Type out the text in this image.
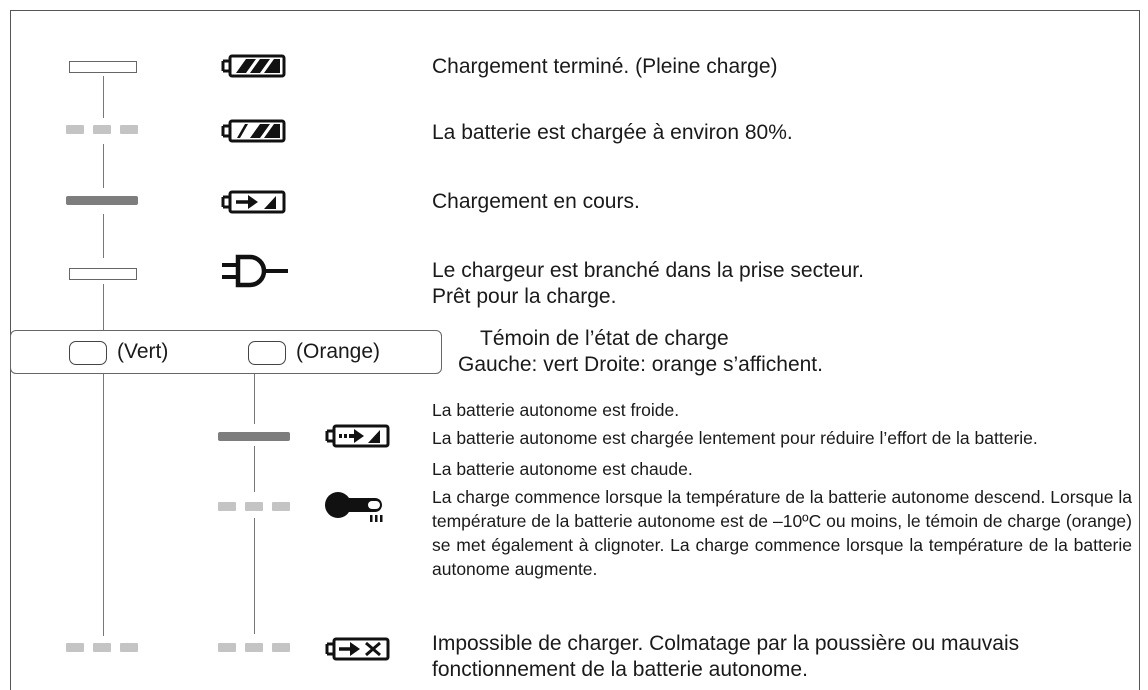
Chargement terminé. (Pleine charge)
La batterie est chargée à environ 80%.
Chargement en cours.
Le chargeur est branché dans la prise secteur.
Prêt pour la charge.
(Vert)	(Orange)
Témoin de l’état de charge
Gauche: vert Droite: orange s’affichent.
La batterie autonome est froide.
La batterie autonome est chargée lentement pour réduire l’effort de la batterie.
La batterie autonome est chaude.
La charge commence lorsque la température de la batterie autonome descend. Lorsque la température de la batterie autonome est de –10ºC ou moins, le témoin de charge (orange) se met également à clignoter. La charge commence lorsque la température de la batterie autonome augmente.
Impossible de charger. Colmatage par la poussière ou mauvais
fonctionnement de la batterie autonome.
